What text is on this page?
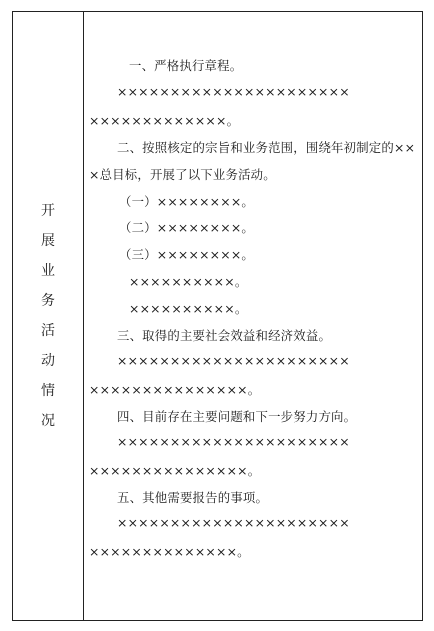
开
展
业
务
活
动
情
况
一、严格执行章程。
××××××××××××××××××××××
×××××××××××××。
二、按照核定的宗旨和业务范围，围绕年初制定的××
×总目标，开展了以下业务活动。
（一）××××××××。
（二）××××××××。
（三）××××××××。
××××××××××。
××××××××××。
三、取得的主要社会效益和经济效益。
××××××××××××××××××××××
×××××××××××××××。
四、目前存在主要问题和下一步努力方向。
××××××××××××××××××××××
×××××××××××××××。
五、其他需要报告的事项。
××××××××××××××××××××××
××××××××××××××。
